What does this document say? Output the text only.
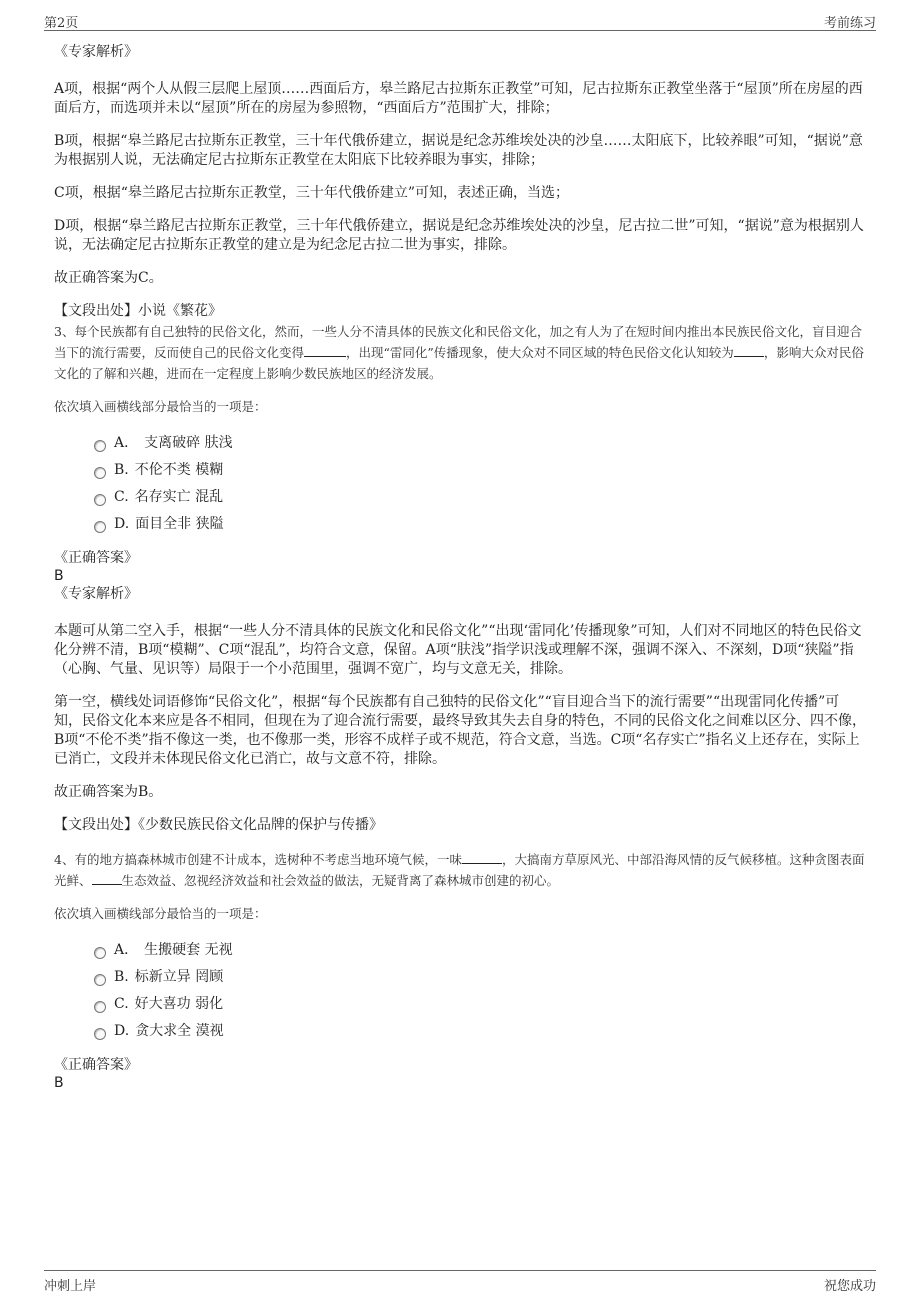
第2页	考前练习

《专家解析》

A项，根据“两个人从假三层爬上屋顶……西面后方，皋兰路尼古拉斯东正教堂”可知，尼古拉斯东正教堂坐落于“屋顶”所在房屋的西面后方，而选项并未以“屋顶”所在的房屋为参照物，“西面后方”范围扩大，排除；

B项，根据“皋兰路尼古拉斯东正教堂，三十年代俄侨建立，据说是纪念苏维埃处决的沙皇……太阳底下，比较养眼”可知，“据说”意为根据别人说，无法确定尼古拉斯东正教堂在太阳底下比较养眼为事实，排除；

C项，根据“皋兰路尼古拉斯东正教堂，三十年代俄侨建立”可知，表述正确，当选；

D项，根据“皋兰路尼古拉斯东正教堂，三十年代俄侨建立，据说是纪念苏维埃处决的沙皇，尼古拉二世”可知，“据说”意为根据别人说，无法确定尼古拉斯东正教堂的建立是为纪念尼古拉二世为事实，排除。

故正确答案为C。

【文段出处】小说《繁花》

3、每个民族都有自己独特的民俗文化，然而，一些人分不清具体的民族文化和民俗文化，加之有人为了在短时间内推出本民族民俗文化，盲目迎合当下的流行需要，反而使自己的民俗文化变得	，出现“雷同化”传播现象，使大众对不同区域的特色民俗文化认知较为 ，影响大众对民俗文化的了解和兴趣，进而在一定程度上影响少数民族地区的经济发展。

依次填入画横线部分最恰当的一项是：

A． 支离破碎 肤浅
B. 不伦不类 模糊
C. 名存实亡 混乱
D. 面目全非 狭隘

《正确答案》

B

《专家解析》

本题可从第二空入手，根据“一些人分不清具体的民族文化和民俗文化”“出现‘雷同化’传播现象”可知，人们对不同地区的特色民俗文化分辨不清，B项“模糊”、C项“混乱”，均符合文意，保留。A项“肤浅”指学识浅或理解不深，强调不深入、不深刻，D项“狭隘”指（心胸、气量、见识等）局限于一个小范围里，强调不宽广，均与文意无关，排除。

第一空，横线处词语修饰“民俗文化”，根据“每个民族都有自己独特的民俗文化”“盲目迎合当下的流行需要”“出现雷同化传播”可知，民俗文化本来应是各不相同，但现在为了迎合流行需要，最终导致其失去自身的特色，不同的民俗文化之间难以区分、四不像，B项“不伦不类”指不像这一类，也不像那一类，形容不成样子或不规范，符合文意，当选。C项“名存实亡”指名义上还存在，实际上已消亡，文段并未体现民俗文化已消亡，故与文意不符，排除。

故正确答案为B。

【文段出处】《少数民族民俗文化品牌的保护与传播》

4、有的地方搞森林城市创建不计成本，选树种不考虑当地环境气候，一味	，大搞南方草原风光、中部沿海风情的反气候移植。这种贪图表面光鲜、 生态效益、忽视经济效益和社会效益的做法，无疑背离了森林城市创建的初心。

依次填入画横线部分最恰当的一项是：

A． 生搬硬套 无视
B. 标新立异 罔顾
C. 好大喜功 弱化
D. 贪大求全 漠视

《正确答案》

B

冲刺上岸	祝您成功
